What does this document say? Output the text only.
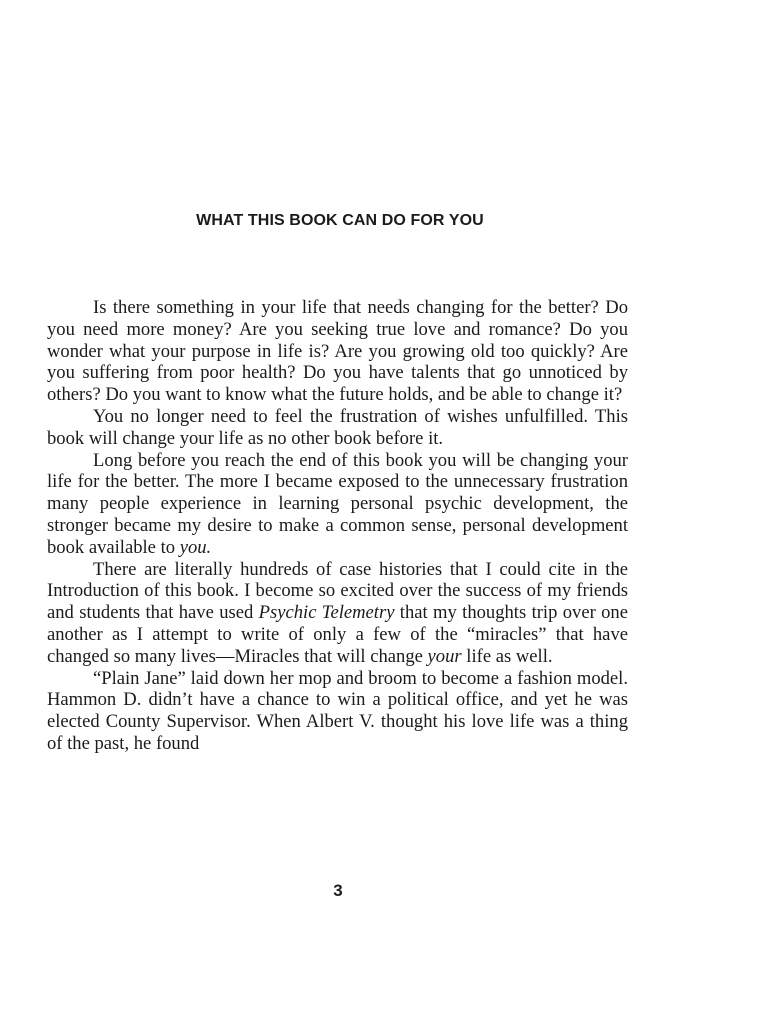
WHAT THIS BOOK CAN DO FOR YOU

Is there something in your life that needs changing for the better? Do you need more money? Are you seeking true love and romance? Do you wonder what your purpose in life is? Are you growing old too quickly? Are you suffering from poor health? Do you have talents that go unnoticed by others? Do you want to know what the future holds, and be able to change it?

You no longer need to feel the frustration of wishes unfulfilled. This book will change your life as no other book before it.

Long before you reach the end of this book you will be changing your life for the better. The more I became exposed to the unnecessary frustration many people experience in learning personal psychic development, the stronger became my desire to make a common sense, personal development book available to you.

There are literally hundreds of case histories that I could cite in the Introduction of this book. I become so excited over the success of my friends and students that have used Psychic Telemetry that my thoughts trip over one another as I attempt to write of only a few of the “miracles” that have changed so many lives—Miracles that will change your life as well.

“Plain Jane” laid down her mop and broom to become a fashion model. Hammon D. didn’t have a chance to win a political office, and yet he was elected County Supervisor. When Albert V. thought his love life was a thing of the past, he found

3
